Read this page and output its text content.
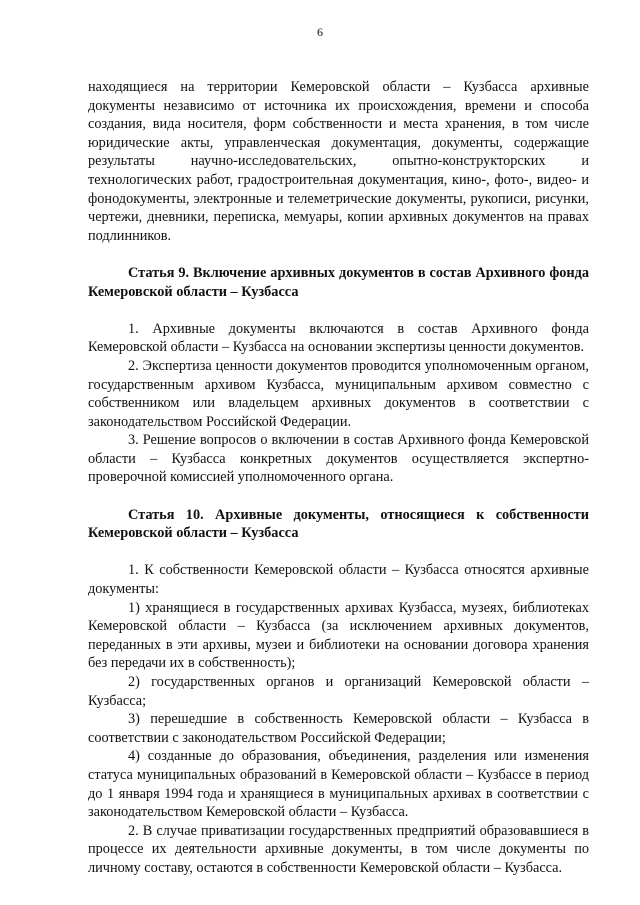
6

находящиеся на территории Кемеровской области – Кузбасса архивные документы независимо от источника их происхождения, времени и способа создания, вида носителя, форм собственности и места хранения, в том числе юридические акты, управленческая документация, документы, содержащие результаты научно-исследовательских, опытно-конструкторских и технологических работ, градостроительная документация, кино-, фото-, видео- и фонодокументы, электронные и телеметрические документы, рукописи, рисунки, чертежи, дневники, переписка, мемуары, копии архивных документов на правах подлинников.

Статья 9. Включение архивных документов в состав Архивного фонда Кемеровской области – Кузбасса

1. Архивные документы включаются в состав Архивного фонда Кемеровской области – Кузбасса на основании экспертизы ценности документов.

2. Экспертиза ценности документов проводится уполномоченным органом, государственным архивом Кузбасса, муниципальным архивом совместно с собственником или владельцем архивных документов в соответствии с законодательством Российской Федерации.

3. Решение вопросов о включении в состав Архивного фонда Кемеровской области – Кузбасса конкретных документов осуществляется экспертно-проверочной комиссией уполномоченного органа.

Статья 10. Архивные документы, относящиеся к собственности Кемеровской области – Кузбасса

1. К собственности Кемеровской области – Кузбасса относятся архивные документы:

1) хранящиеся в государственных архивах Кузбасса, музеях, библиотеках Кемеровской области – Кузбасса (за исключением архивных документов, переданных в эти архивы, музеи и библиотеки на основании договора хранения без передачи их в собственность);

2) государственных органов и организаций Кемеровской области – Кузбасса;

3) перешедшие в собственность Кемеровской области – Кузбасса в соответствии с законодательством Российской Федерации;

4) созданные до образования, объединения, разделения или изменения статуса муниципальных образований в Кемеровской области – Кузбассе в период до 1 января 1994 года и хранящиеся в муниципальных архивах в соответствии с законодательством Кемеровской области – Кузбасса.

2. В случае приватизации государственных предприятий образовавшиеся в процессе их деятельности архивные документы, в том числе документы по личному составу, остаются в собственности Кемеровской области – Кузбасса.
